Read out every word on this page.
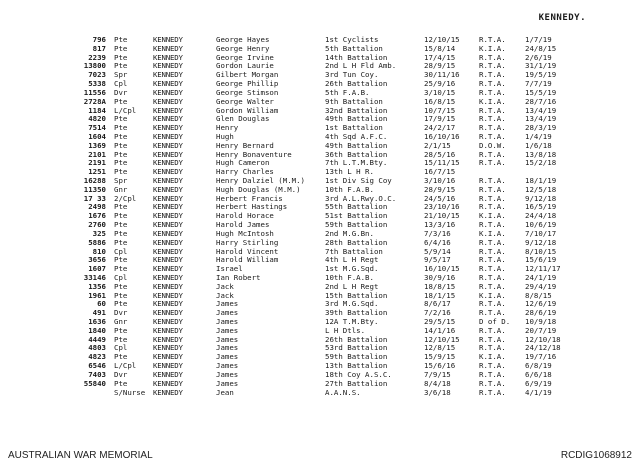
KENNEDY.
796 Pte	KENNEDY	George Hayes	1st Cyclists	12/10/15	R.T.A.	1/7/19
817 Pte	KENNEDY	George Henry	5th Battalion	15/8/14	K.I.A.	24/8/15
2239 Pte	KENNEDY	George Irvine	14th Battalion	17/4/15	R.T.A.	2/6/19
13800 Pte	KENNEDY	Gordon Laurie	2nd L H Fld Amb.	28/9/15	R.T.A.	31/1/19
7023 Spr	KENNEDY	Gilbert Morgan	3rd Tun Coy.	30/11/16	R.T.A.	19/5/19
5338 Cpl	KENNEDY	George Phillip	26th Battalion	25/9/16	R.T.A.	7/7/19
11556 Dvr	KENNEDY	George Stimson	5th F.A.B.	3/10/15	R.T.A.	15/5/19
2728A Pte	KENNEDY	George Walter	9th Battalion	16/8/15	K.I.A.	28/7/16
1184 L/Cpl	KENNEDY	Gordon William	32nd Battalion	10/7/15	R.T.A.	13/4/19
4820 Pte	KENNEDY	Glen Douglas	49th Battalion	17/9/15	R.T.A.	13/4/19
7514 Pte	KENNEDY	Henry	1st Battalion	24/2/17	R.T.A.	28/3/19
1604 Pte	KENNEDY	Hugh	4th Sqd A.F.C.	16/10/16	R.T.A.	1/4/19
1369 Pte	KENNEDY	Henry Bernard	49th Battalion	2/1/15	D.O.W.	1/6/18
2101 Pte	KENNEDY	Henry Bonaventure	36th Battalion	28/5/16	R.T.A.	13/8/18
2191 Pte	KENNEDY	Hugh Cameron	7th L.T.M.Bty.	15/11/15	R.T.A.	15/2/18
1251 Pte	KENNEDY	Harry Charles	13th L H R.	16/7/15
16288 Spr	KENNEDY	Henry Dalziel (M.M.)	1st Div Sig Coy	3/10/16	R.T.A.	18/1/19
11350 Gnr	KENNEDY	Hugh Douglas (M.M.)	10th F.A.B.	28/9/15	R.T.A.	12/5/18
17 33 2/Cpl	KENNEDY	Herbert Francis	3rd A.L.Rwy.O.C.	24/5/16	R.T.A.	9/12/18
2498 Pte	KENNEDY	Herbert Hastings	55th Battalion	23/10/16	R.T.A.	16/5/19
1676 Pte	KENNEDY	Harold Horace	51st Battalion	21/10/15	K.I.A.	24/4/18
2760 Pte	KENNEDY	Harold James	59th Battalion	13/3/16	R.T.A.	10/6/19
325 Pte	KENNEDY	Hugh McIntosh	2nd M.G.Bn.	7/3/16	K.I.A.	7/10/17
5886 Pte	KENNEDY	Harry Stirling	28th Battalion	6/4/16	R.T.A.	9/12/18
810 Cpl	KENNEDY	Harold Vincent	7th Battalion	5/9/14	R.T.A.	8/10/15
3656 Pte	KENNEDY	Harold William	4th L H Regt	9/5/17	R.T.A.	15/6/19
1607 Pte	KENNEDY	Israel	1st M.G.Sqd.	16/10/15	R.T.A.	12/11/17
33146 Cpl	KENNEDY	Ian Robert	10th F.A.B.	30/9/16	R.T.A.	24/1/19
1356 Pte	KENNEDY	Jack	2nd L H Regt	18/8/15	R.T.A.	29/4/19
1961 Pte	KENNEDY	Jack	15th Battalion	18/1/15	K.I.A.	8/8/15
60 Pte	KENNEDY	James	3rd M.G.Sqd.	8/6/17	R.T.A.	12/6/19
491 Dvr	KENNEDY	James	39th Battalion	7/2/16	R.T.A.	28/6/19
1636 Gnr	KENNEDY	James	12A T.M.Bty.	29/5/15	D of D.	10/9/18
1840 Pte	KENNEDY	James	L H Dtls.	14/1/16	R.T.A.	20/7/19
4449 Pte	KENNEDY	James	26th Battalion	12/10/15	R.T.A.	12/10/18
4803 Cpl	KENNEDY	James	53rd Battalion	12/8/15	R.T.A.	24/12/18
4823 Pte	KENNEDY	James	59th Battalion	15/9/15	K.I.A.	19/7/16
6546 L/Cpl	KENNEDY	James	13th Battalion	15/6/16	R.T.A.	6/8/19
7403 Dvr	KENNEDY	James	18th Coy A.S.C.	7/9/15	R.T.A.	6/6/18
55840 Pte	KENNEDY	James	27th Battalion	8/4/18	R.T.A.	6/9/19
S/Nurse	KENNEDY	Jean	A.A.N.S.	3/6/18	R.T.A.	4/1/19
AUSTRALIAN WAR MEMORIAL	RCDIG1068912
